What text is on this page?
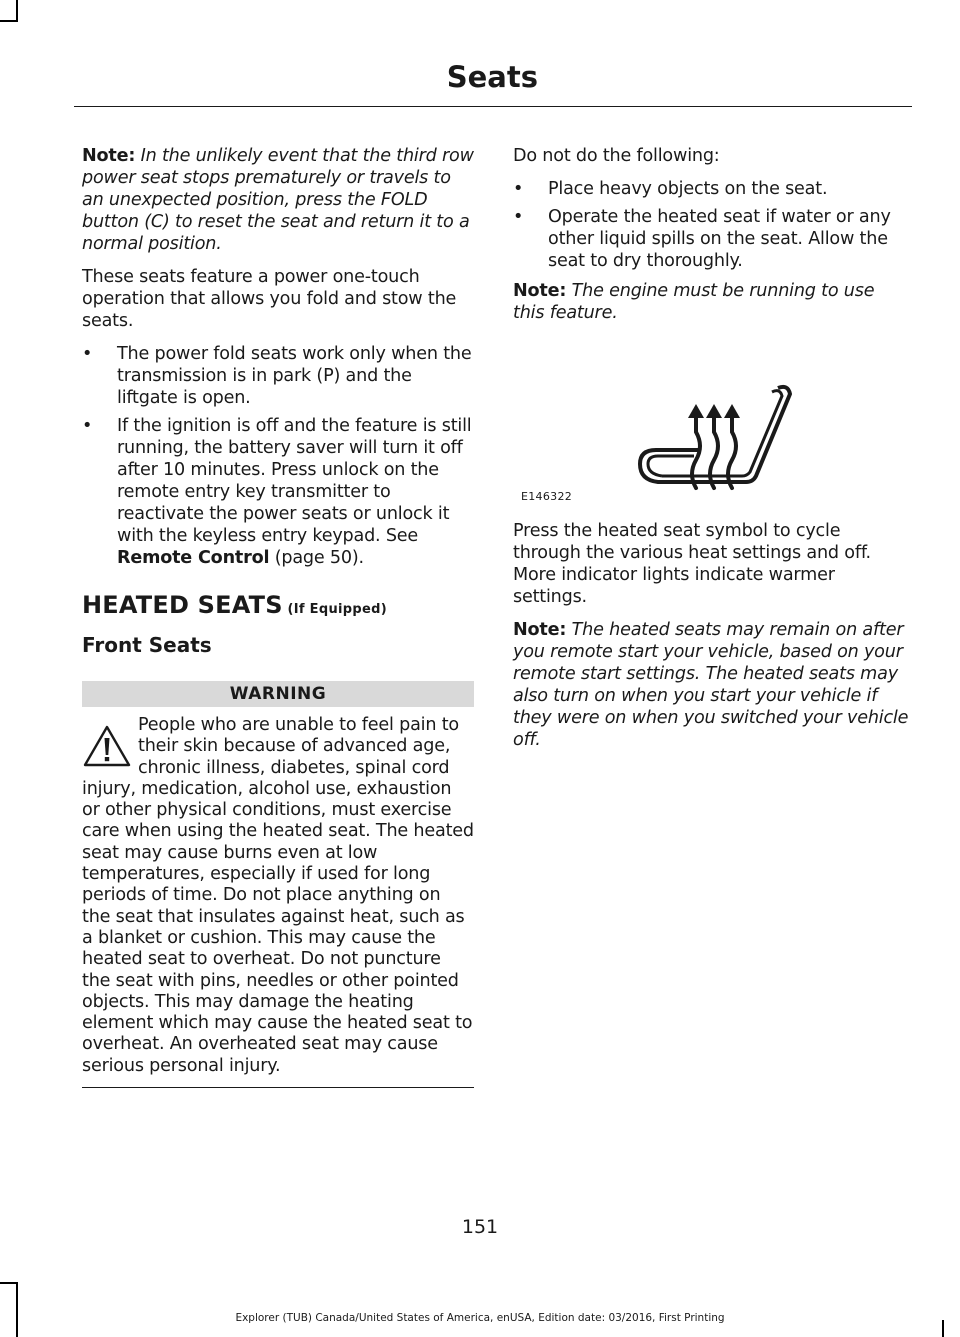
Seats

Note: In the unlikely event that the third row power seat stops prematurely or travels to an unexpected position, press the FOLD button (C) to reset the seat and return it to a normal position.

These seats feature a power one-touch operation that allows you fold and stow the seats.

•	The power fold seats work only when the transmission is in park (P) and the liftgate is open.
•	If the ignition is off and the feature is still running, the battery saver will turn it off after 10 minutes. Press unlock on the remote entry key transmitter to reactivate the power seats or unlock it with the keyless entry keypad. See Remote Control (page 50).
HEATED SEATS (If Equipped)
Front Seats
WARNING
People who are unable to feel pain to their skin because of advanced age, chronic illness, diabetes, spinal cord injury, medication, alcohol use, exhaustion or other physical conditions, must exercise care when using the heated seat. The heated seat may cause burns even at low temperatures, especially if used for long periods of time. Do not place anything on the seat that insulates against heat, such as a blanket or cushion. This may cause the heated seat to overheat. Do not puncture the seat with pins, needles or other pointed objects. This may damage the heating element which may cause the heated seat to overheat. An overheated seat may cause serious personal injury.

Do not do the following:

•	Place heavy objects on the seat.
•	Operate the heated seat if water or any other liquid spills on the seat. Allow the seat to dry thoroughly.

Note: The engine must be running to use this feature.

E146322

Press the heated seat symbol to cycle through the various heat settings and off. More indicator lights indicate warmer settings.

Note: The heated seats may remain on after you remote start your vehicle, based on your remote start settings. The heated seats may also turn on when you start your vehicle if they were on when you switched your vehicle off.

151
Explorer (TUB) Canada/United States of America, enUSA, Edition date: 03/2016, First Printing
